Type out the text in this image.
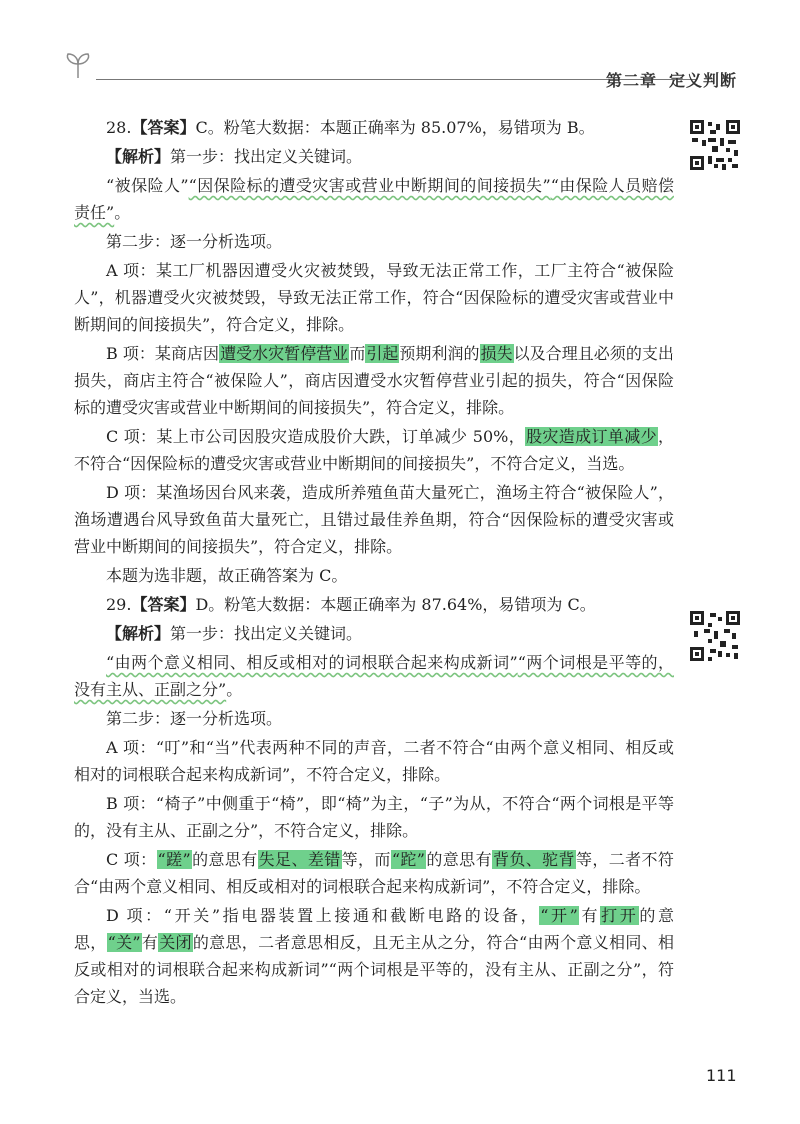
第二章 定义判断

28.【答案】C。粉笔大数据：本题正确率为 85.07%，易错项为 B。

【解析】第一步：找出定义关键词。

“被保险人”“因保险标的遭受灾害或营业中断期间的间接损失”“由保险人员赔偿责任”。

第二步：逐一分析选项。

A 项：某工厂机器因遭受火灾被焚毁，导致无法正常工作，工厂主符合“被保险人”，机器遭受火灾被焚毁，导致无法正常工作，符合“因保险标的遭受灾害或营业中断期间的间接损失”，符合定义，排除。

B 项：某商店因遭受水灾暂停营业而引起预期利润的损失以及合理且必须的支出损失，商店主符合“被保险人”，商店因遭受水灾暂停营业引起的损失，符合“因保险标的遭受灾害或营业中断期间的间接损失”，符合定义，排除。

C 项：某上市公司因股灾造成股价大跌，订单减少 50%，股灾造成订单减少，不符合“因保险标的遭受灾害或营业中断期间的间接损失”，不符合定义，当选。

D 项：某渔场因台风来袭，造成所养殖鱼苗大量死亡，渔场主符合“被保险人”，渔场遭遇台风导致鱼苗大量死亡，且错过最佳养鱼期，符合“因保险标的遭受灾害或营业中断期间的间接损失”，符合定义，排除。

本题为选非题，故正确答案为 C。

29.【答案】D。粉笔大数据：本题正确率为 87.64%，易错项为 C。

【解析】第一步：找出定义关键词。

“由两个意义相同、相反或相对的词根联合起来构成新词”“两个词根是平等的，没有主从、正副之分”。

第二步：逐一分析选项。

A 项：“叮”和“当”代表两种不同的声音，二者不符合“由两个意义相同、相反或相对的词根联合起来构成新词”，不符合定义，排除。

B 项：“椅子”中侧重于“椅”，即“椅”为主，“子”为从，不符合“两个词根是平等的，没有主从、正副之分”，不符合定义，排除。

C 项：“蹉”的意思有失足、差错等，而“跎”的意思有背负、驼背等，二者不符合“由两个意义相同、相反或相对的词根联合起来构成新词”，不符合定义，排除。

D 项：“开关”指电器装置上接通和截断电路的设备，“开”有打开的意思，“关”有关闭的意思，二者意思相反，且无主从之分，符合“由两个意义相同、相反或相对的词根联合起来构成新词”“两个词根是平等的，没有主从、正副之分”，符合定义，当选。

111
